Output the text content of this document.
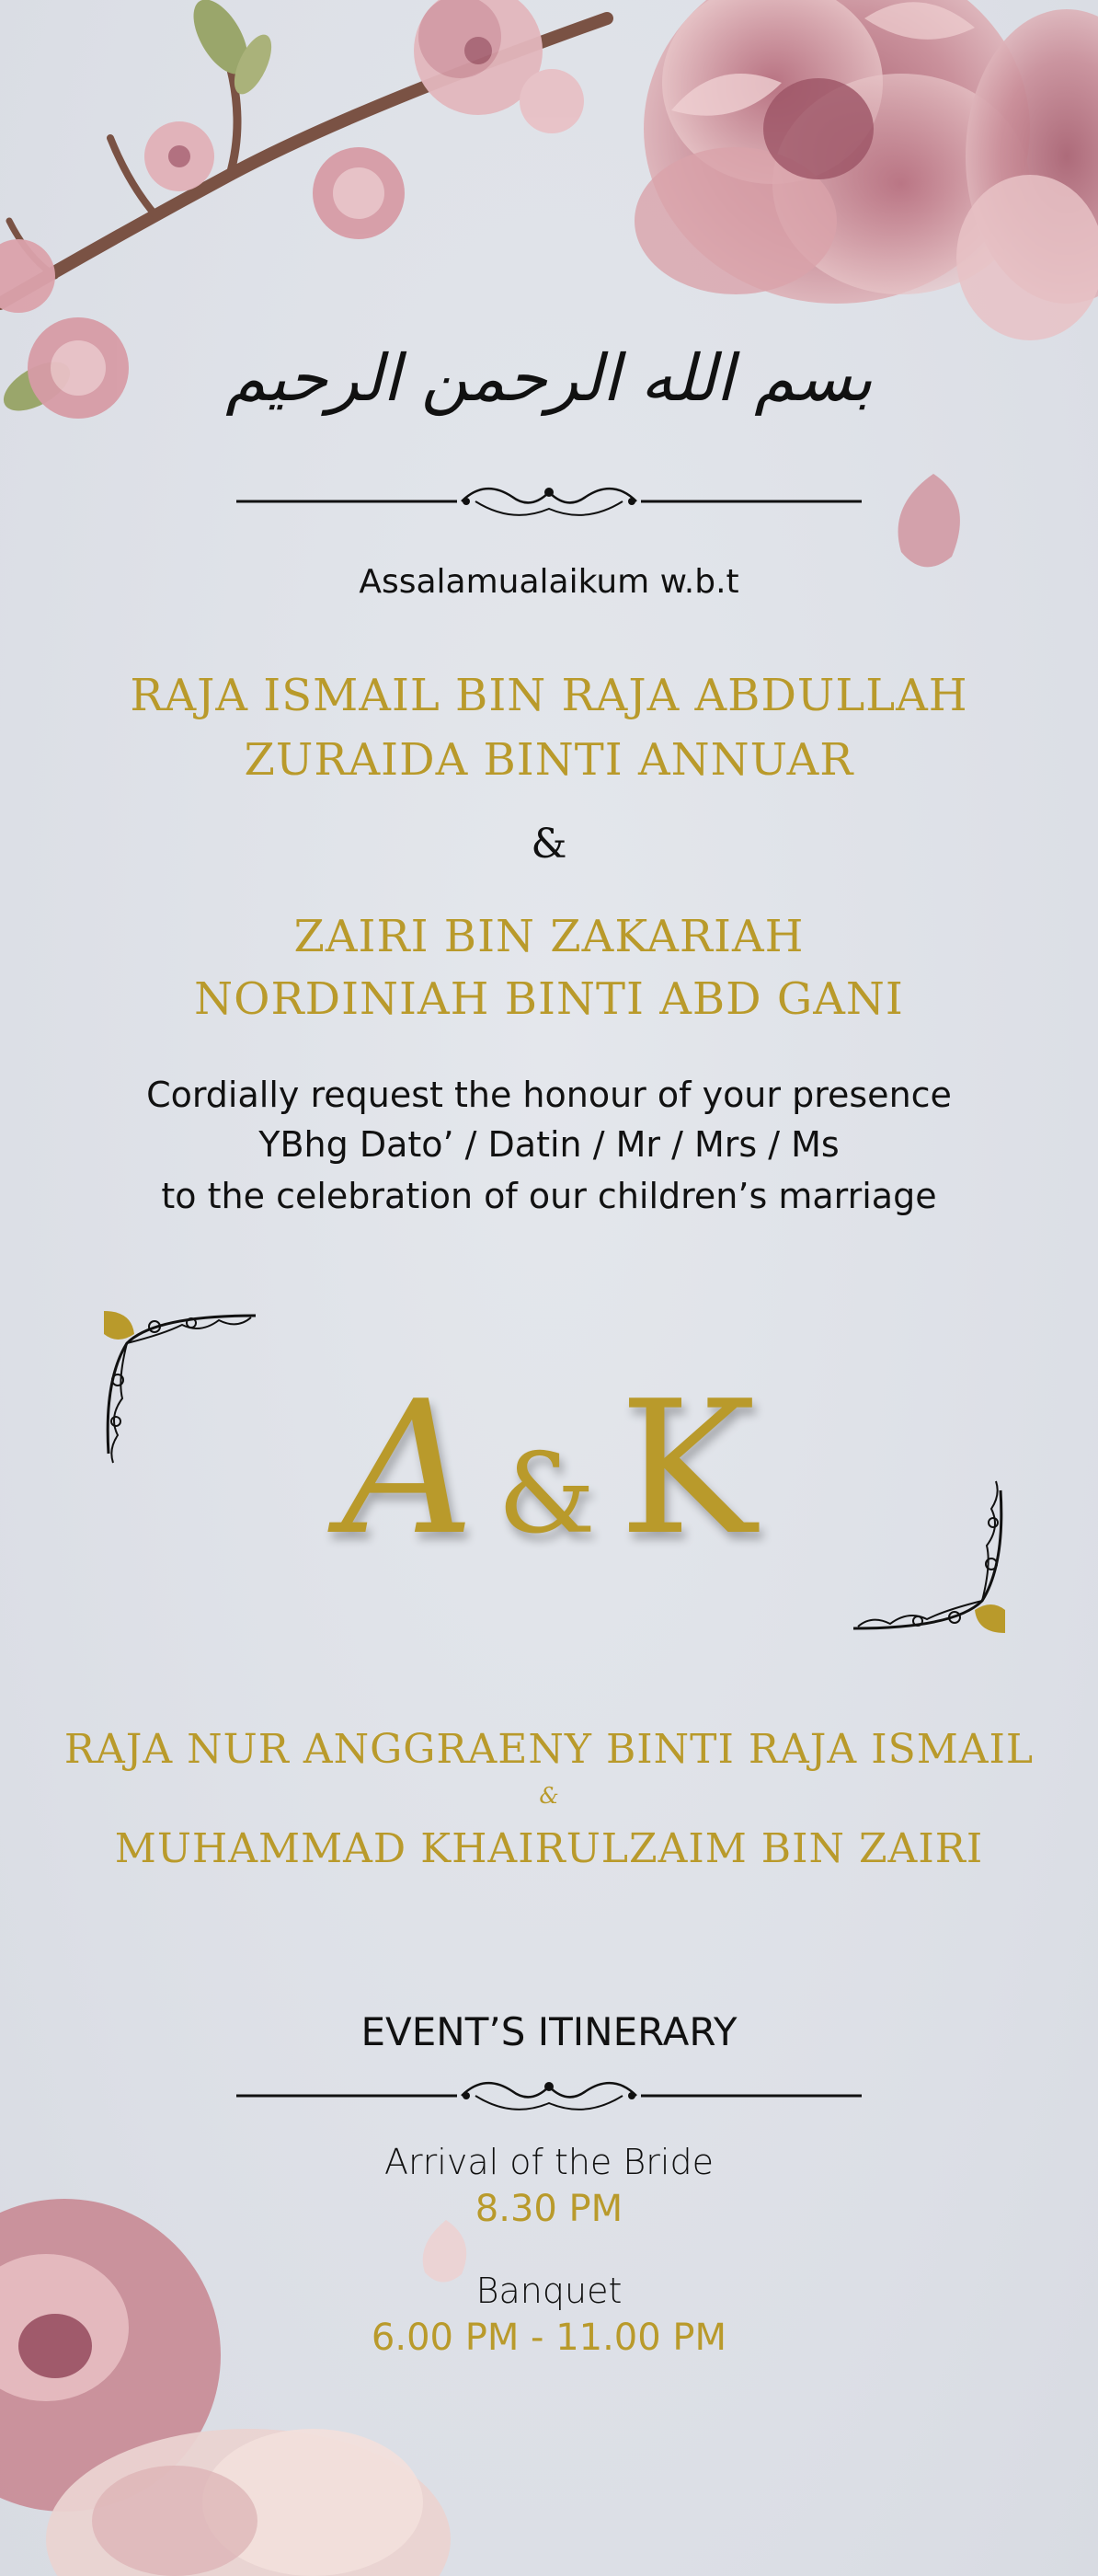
بسم الله الرحمن الرحيم
Assalamualaikum w.b.t
RAJA ISMAIL BIN RAJA ABDULLAH
ZURAIDA BINTI ANNUAR
&
ZAIRI BIN ZAKARIAH
NORDINIAH BINTI ABD GANI
Cordially request the honour of your presence
YBhg Dato’ / Datin / Mr / Mrs / Ms
to the celebration of our children’s marriage
A & K
RAJA NUR ANGGRAENY BINTI RAJA ISMAIL
&
MUHAMMAD KHAIRULZAIM BIN ZAIRI
EVENT’S ITINERARY
Arrival of the Bride
8.30 PM
Banquet
6.00 PM - 11.00 PM
